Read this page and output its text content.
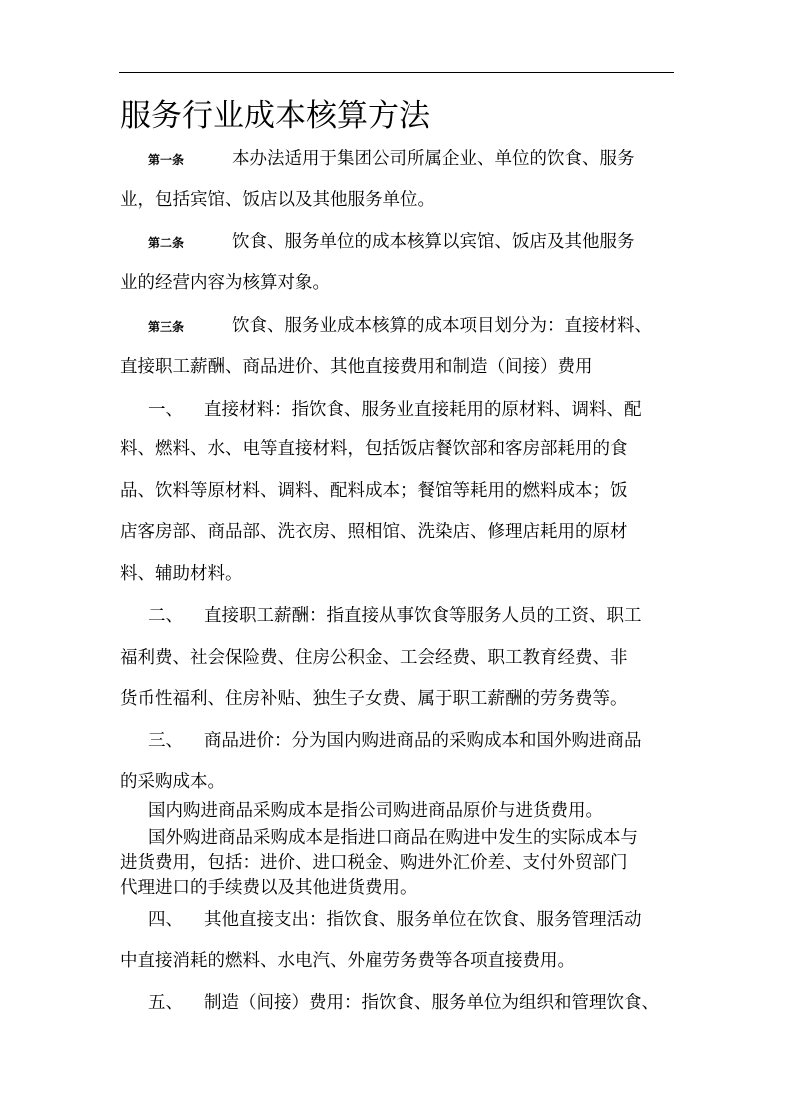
服务行业成本核算方法
第一条	本办法适用于集团公司所属企业、单位的饮食、服务
业，包括宾馆、饭店以及其他服务单位。
第二条	饮食、服务单位的成本核算以宾馆、饭店及其他服务
业的经营内容为核算对象。
第三条	饮食、服务业成本核算的成本项目划分为：直接材料、
直接职工薪酬、商品进价、其他直接费用和制造（间接）费用
一、 直接材料：指饮食、服务业直接耗用的原材料、调料、配
料、燃料、水、电等直接材料，包括饭店餐饮部和客房部耗用的食
品、饮料等原材料、调料、配料成本；餐馆等耗用的燃料成本；饭
店客房部、商品部、洗衣房、照相馆、洗染店、修理店耗用的原材
料、辅助材料。
二、 直接职工薪酬：指直接从事饮食等服务人员的工资、职工
福利费、社会保险费、住房公积金、工会经费、职工教育经费、非
货币性福利、住房补贴、独生子女费、属于职工薪酬的劳务费等。
三、 商品进价：分为国内购进商品的采购成本和国外购进商品
的采购成本。
国内购进商品采购成本是指公司购进商品原价与进货费用。
国外购进商品采购成本是指进口商品在购进中发生的实际成本与
进货费用，包括：进价、进口税金、购进外汇价差、支付外贸部门
代理进口的手续费以及其他进货费用。
四、 其他直接支出：指饮食、服务单位在饮食、服务管理活动
中直接消耗的燃料、水电汽、外雇劳务费等各项直接费用。
五、 制造（间接）费用：指饮食、服务单位为组织和管理饮食、
